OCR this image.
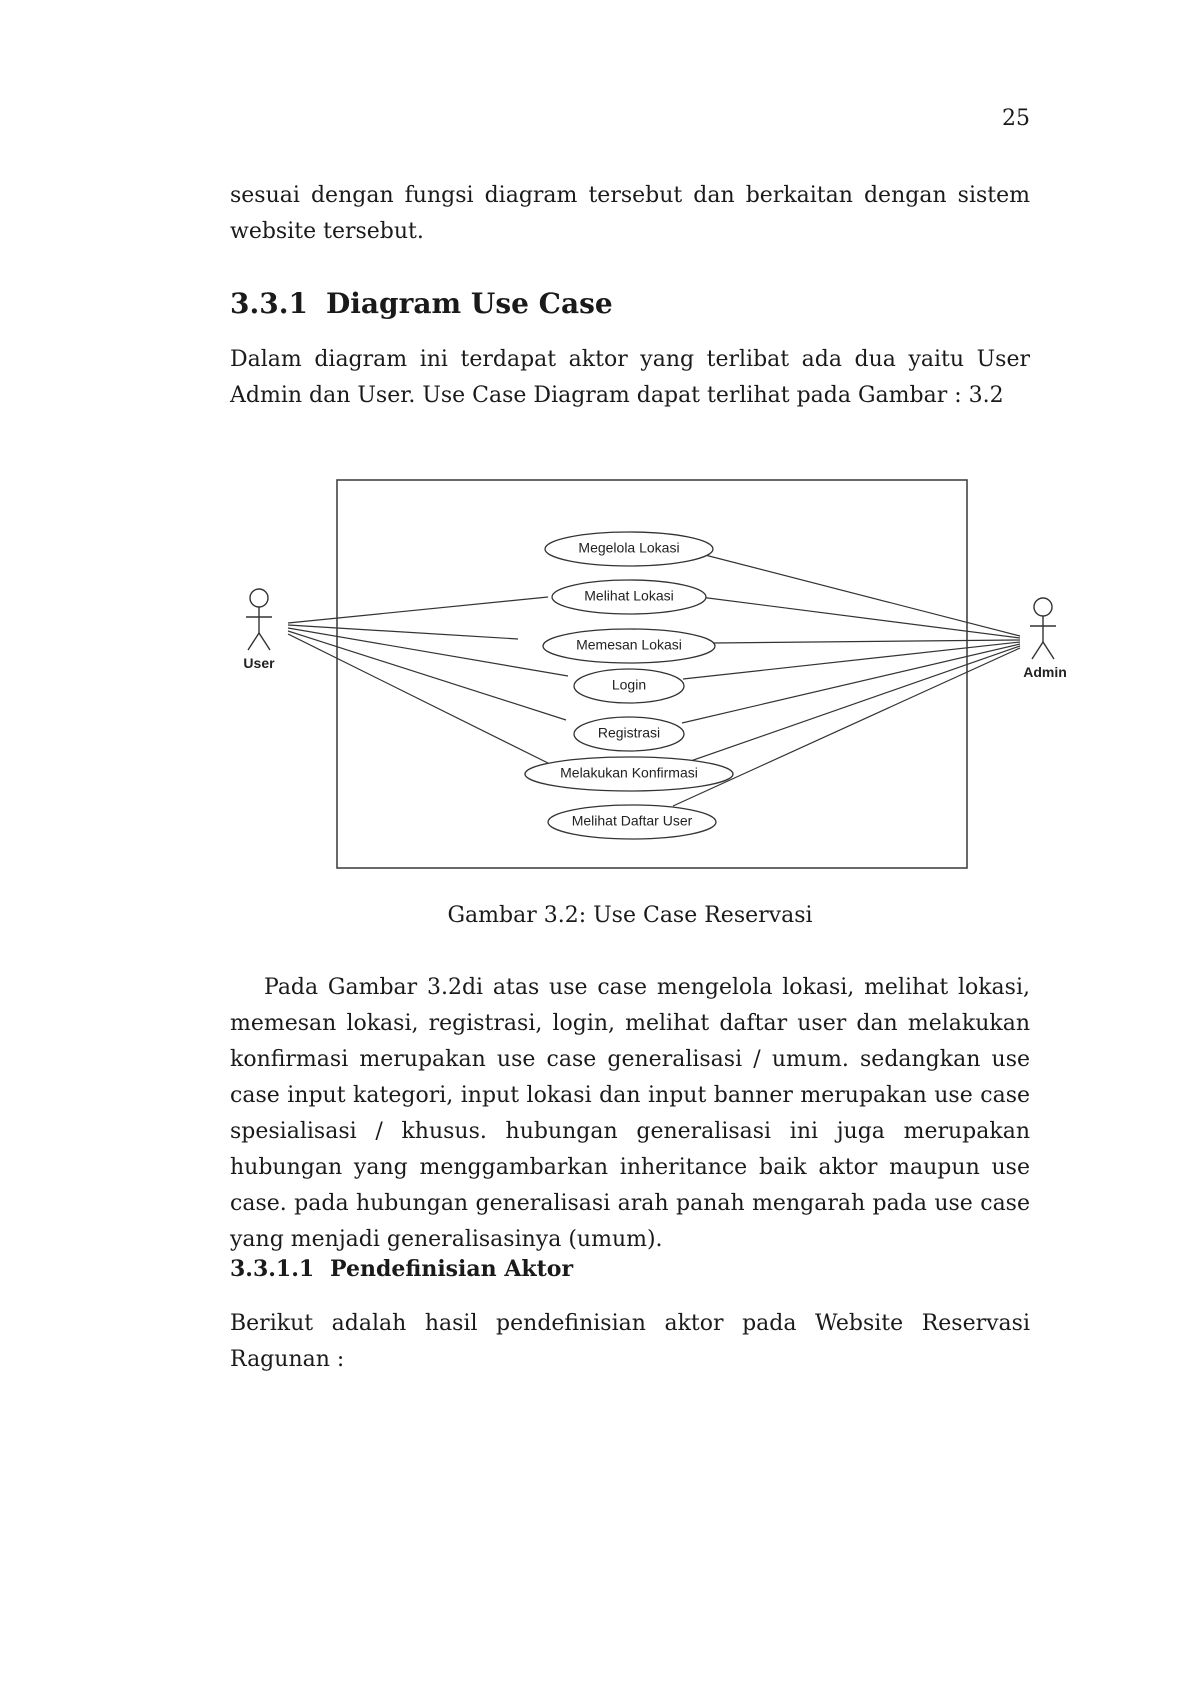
25

sesuai dengan fungsi diagram tersebut dan berkaitan dengan sistem website tersebut.

3.3.1 Diagram Use Case

Dalam diagram ini terdapat aktor yang terlibat ada dua yaitu User Admin dan User. Use Case Diagram dapat terlihat pada Gambar : 3.2

Megelola Lokasi
Melihat Lokasi
Memesan Lokasi
Login
Registrasi
Melakukan Konfirmasi
Melihat Daftar User
User
Admin

Gambar 3.2: Use Case Reservasi

Pada Gambar 3.2di atas use case mengelola lokasi, melihat lokasi, memesan lokasi, registrasi, login, melihat daftar user dan melakukan konfirmasi merupakan use case generalisasi / umum. sedangkan use case input kategori, input lokasi dan input banner merupakan use case spesialisasi / khusus. hubungan generalisasi ini juga merupakan hubungan yang menggambarkan inheritance baik aktor maupun use case. pada hubungan generalisasi arah panah mengarah pada use case yang menjadi generalisasinya (umum).

3.3.1.1 Pendefinisian Aktor

Berikut adalah hasil pendefinisian aktor pada Website Reservasi Ragunan :
